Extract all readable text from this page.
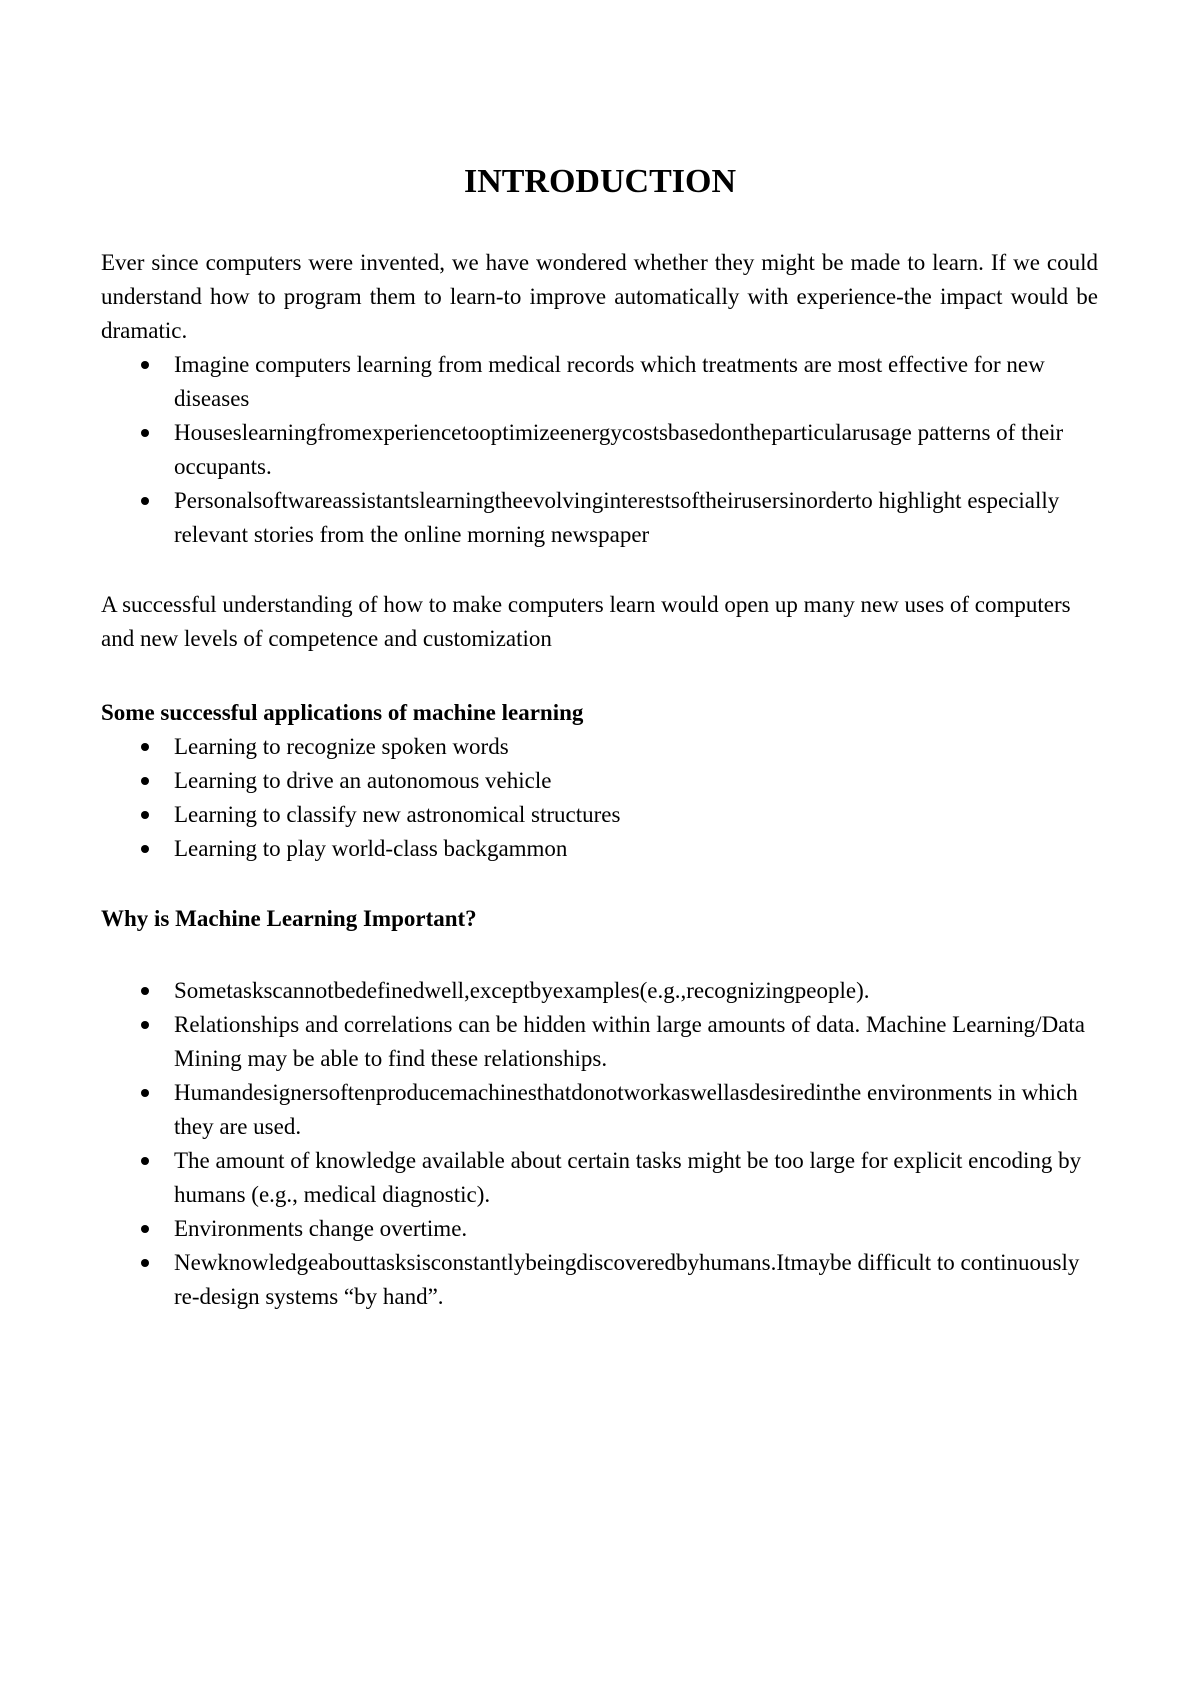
INTRODUCTION

Ever since computers were invented, we have wondered whether they might be made to learn. If we could understand how to program them to learn-to improve automatically with experience-the impact would be dramatic.

Imagine computers learning from medical records which treatments are most effective for new diseases
Houseslearningfromexperiencetooptimizeenergycostsbasedontheparticularusage patterns of their occupants.
Personalsoftwareassistantslearningtheevolvinginterestsoftheirusersinorderto highlight especially relevant stories from the online morning newspaper

A successful understanding of how to make computers learn would open up many new uses of computers and new levels of competence and customization

Some successful applications of machine learning
Learning to recognize spoken words
Learning to drive an autonomous vehicle
Learning to classify new astronomical structures
Learning to play world-class backgammon
Why is Machine Learning Important?
Sometaskscannotbedefinedwell,exceptbyexamples(e.g.,recognizingpeople).
Relationships and correlations can be hidden within large amounts of data. Machine Learning/Data Mining may be able to find these relationships.
Humandesignersoftenproducemachinesthatdonotworkaswellasdesiredinthe environments in which they are used.
The amount of knowledge available about certain tasks might be too large for explicit encoding by humans (e.g., medical diagnostic).
Environments change overtime.
Newknowledgeabouttasksisconstantlybeingdiscoveredbyhumans.Itmaybe difficult to continuously re-design systems “by hand”.
